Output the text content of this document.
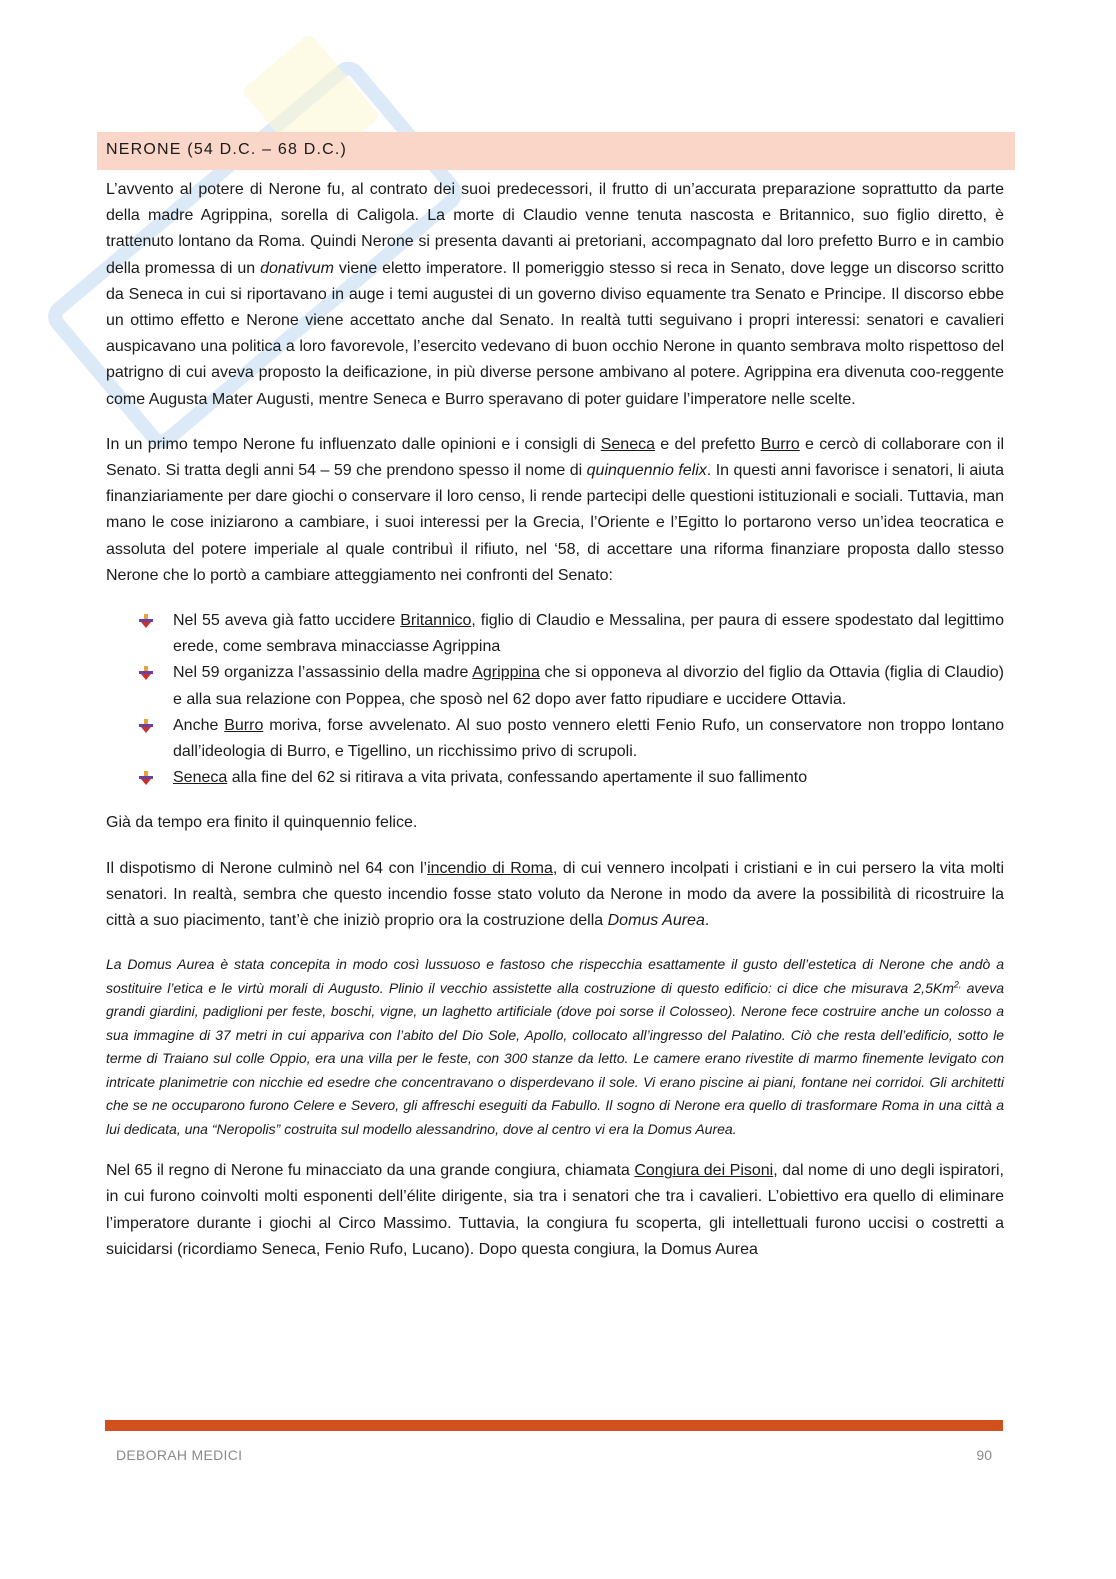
NERONE (54 D.C. – 68 D.C.)

L’avvento al potere di Nerone fu, al contrato dei suoi predecessori, il frutto di un’accurata preparazione soprattutto da parte della madre Agrippina, sorella di Caligola. La morte di Claudio venne tenuta nascosta e Britannico, suo figlio diretto, è trattenuto lontano da Roma. Quindi Nerone si presenta davanti ai pretoriani, accompagnato dal loro prefetto Burro e in cambio della promessa di un donativum viene eletto imperatore. Il pomeriggio stesso si reca in Senato, dove legge un discorso scritto da Seneca in cui si riportavano in auge i temi augustei di un governo diviso equamente tra Senato e Principe. Il discorso ebbe un ottimo effetto e Nerone viene accettato anche dal Senato. In realtà tutti seguivano i propri interessi: senatori e cavalieri auspicavano una politica a loro favorevole, l’esercito vedevano di buon occhio Nerone in quanto sembrava molto rispettoso del patrigno di cui aveva proposto la deificazione, in più diverse persone ambivano al potere. Agrippina era divenuta coo-reggente come Augusta Mater Augusti, mentre Seneca e Burro speravano di poter guidare l’imperatore nelle scelte.

In un primo tempo Nerone fu influenzato dalle opinioni e i consigli di Seneca e del prefetto Burro e cercò di collaborare con il Senato. Si tratta degli anni 54 – 59 che prendono spesso il nome di quinquennio felix. In questi anni favorisce i senatori, li aiuta finanziariamente per dare giochi o conservare il loro censo, li rende partecipi delle questioni istituzionali e sociali. Tuttavia, man mano le cose iniziarono a cambiare, i suoi interessi per la Grecia, l’Oriente e l’Egitto lo portarono verso un’idea teocratica e assoluta del potere imperiale al quale contribuì il rifiuto, nel ‘58, di accettare una riforma finanziare proposta dallo stesso Nerone che lo portò a cambiare atteggiamento nei confronti del Senato:

Nel 55 aveva già fatto uccidere Britannico, figlio di Claudio e Messalina, per paura di essere spodestato dal legittimo erede, come sembrava minacciasse Agrippina
Nel 59 organizza l’assassinio della madre Agrippina che si opponeva al divorzio del figlio da Ottavia (figlia di Claudio) e alla sua relazione con Poppea, che sposò nel 62 dopo aver fatto ripudiare e uccidere Ottavia.
Anche Burro moriva, forse avvelenato. Al suo posto vennero eletti Fenio Rufo, un conservatore non troppo lontano dall’ideologia di Burro, e Tigellino, un ricchissimo privo di scrupoli.
Seneca alla fine del 62 si ritirava a vita privata, confessando apertamente il suo fallimento

Già da tempo era finito il quinquennio felice.

Il dispotismo di Nerone culminò nel 64 con l’incendio di Roma, di cui vennero incolpati i cristiani e in cui persero la vita molti senatori. In realtà, sembra che questo incendio fosse stato voluto da Nerone in modo da avere la possibilità di ricostruire la città a suo piacimento, tant’è che iniziò proprio ora la costruzione della Domus Aurea.

La Domus Aurea è stata concepita in modo così lussuoso e fastoso che rispecchia esattamente il gusto dell’estetica di Nerone che andò a sostituire l’etica e le virtù morali di Augusto. Plinio il vecchio assistette alla costruzione di questo edificio: ci dice che misurava $2,5Km^{2,}$ aveva grandi giardini, padiglioni per feste, boschi, vigne, un laghetto artificiale (dove poi sorse il Colosseo). Nerone fece costruire anche un colosso a sua immagine di 37 metri in cui appariva con l’abito del Dio Sole, Apollo, collocato all’ingresso del Palatino. Ciò che resta dell’edificio, sotto le terme di Traiano sul colle Oppio, era una villa per le feste, con 300 stanze da letto. Le camere erano rivestite di marmo finemente levigato con intricate planimetrie con nicchie ed esedre che concentravano o disperdevano il sole. Vi erano piscine ai piani, fontane nei corridoi. Gli architetti che se ne occuparono furono Celere e Severo, gli affreschi eseguiti da Fabullo. Il sogno di Nerone era quello di trasformare Roma in una città a lui dedicata, una “Neropolis” costruita sul modello alessandrino, dove al centro vi era la Domus Aurea.

Nel 65 il regno di Nerone fu minacciato da una grande congiura, chiamata Congiura dei Pisoni, dal nome di uno degli ispiratori, in cui furono coinvolti molti esponenti dell’élite dirigente, sia tra i senatori che tra i cavalieri. L’obiettivo era quello di eliminare l’imperatore durante i giochi al Circo Massimo. Tuttavia, la congiura fu scoperta, gli intellettuali furono uccisi o costretti a suicidarsi (ricordiamo Seneca, Fenio Rufo, Lucano). Dopo questa congiura, la Domus Aurea

DEBORAH MEDICI	90
